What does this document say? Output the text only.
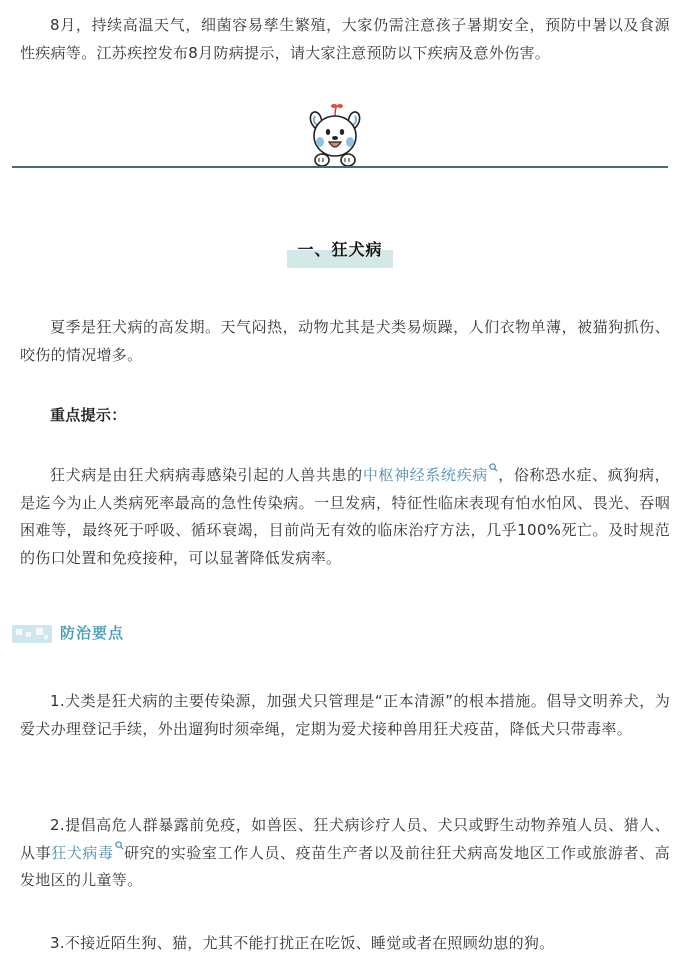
8月，持续高温天气，细菌容易孳生繁殖，大家仍需注意孩子暑期安全，预防中暑以及食源性疾病等。江苏疾控发布8月防病提示，请大家注意预防以下疾病及意外伤害。

一、狂犬病

夏季是狂犬病的高发期。天气闷热，动物尤其是犬类易烦躁，人们衣物单薄，被猫狗抓伤、咬伤的情况增多。

重点提示：

狂犬病是由狂犬病病毒感染引起的人兽共患的中枢神经系统疾病 ，俗称恐水症、疯狗病，是迄今为止人类病死率最高的急性传染病。一旦发病，特征性临床表现有怕水怕风、畏光、吞咽困难等，最终死于呼吸、循环衰竭，目前尚无有效的临床治疗方法，几乎100%死亡。及时规范的伤口处置和免疫接种，可以显著降低发病率。

防治要点

1.犬类是狂犬病的主要传染源，加强犬只管理是“正本清源”的根本措施。倡导文明养犬，为爱犬办理登记手续，外出遛狗时须牵绳，定期为爱犬接种兽用狂犬疫苗，降低犬只带毒率。

2.提倡高危人群暴露前免疫，如兽医、狂犬病诊疗人员、犬只或野生动物养殖人员、猎人、从事狂犬病毒 研究的实验室工作人员、疫苗生产者以及前往狂犬病高发地区工作或旅游者、高发地区的儿童等。

3.不接近陌生狗、猫，尤其不能打扰正在吃饭、睡觉或者在照顾幼崽的狗。
